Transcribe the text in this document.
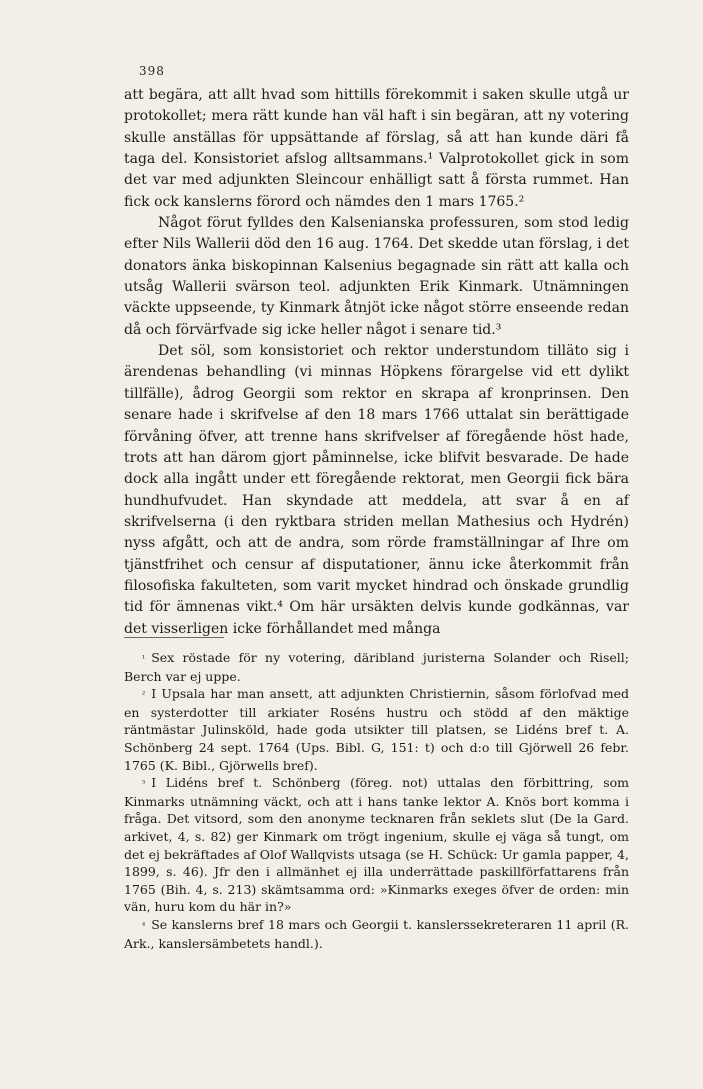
398

att begära, att allt hvad som hittills förekommit i saken skulle utgå ur protokollet; mera rätt kunde han väl haft i sin begäran, att ny votering skulle anställas för uppsättande af förslag, så att han kunde däri få taga del. Konsistoriet afslog alltsammans.¹ Valprotokollet gick in som det var med adjunkten Sleincour enhälligt satt å första rummet. Han fick ock kanslerns förord och nämdes den 1 mars 1765.²

Något förut fylldes den Kalsenianska professuren, som stod ledig efter Nils Wallerii död den 16 aug. 1764. Det skedde utan förslag, i det donators änka biskopinnan Kalsenius begagnade sin rätt att kalla och utsåg Wallerii svärson teol. adjunkten Erik Kinmark. Utnämningen väckte uppseende, ty Kinmark åtnjöt icke något större enseende redan då och förvärfvade sig icke heller något i senare tid.³

Det söl, som konsistoriet och rektor understundom tilläto sig i ärendenas behandling (vi minnas Höpkens förargelse vid ett dylikt tillfälle), ådrog Georgii som rektor en skrapa af kronprinsen. Den senare hade i skrifvelse af den 18 mars 1766 uttalat sin berättigade förvåning öfver, att trenne hans skrifvelser af föregående höst hade, trots att han därom gjort påminnelse, icke blifvit besvarade. De hade dock alla ingått under ett föregående rektorat, men Georgii fick bära hundhufvudet. Han skyndade att meddela, att svar å en af skrifvelserna (i den ryktbara striden mellan Mathesius och Hydrén) nyss afgått, och att de andra, som rörde framställningar af Ihre om tjänstfrihet och censur af disputationer, ännu icke återkommit från filosofiska fakulteten, som varit mycket hindrad och önskade grundlig tid för ämnenas vikt.⁴ Om här ursäkten delvis kunde godkännas, var det visserligen icke förhållandet med många

¹ Sex röstade för ny votering, däribland juristerna Solander och Risell; Berch var ej uppe.

² I Upsala har man ansett, att adjunkten Christiernin, såsom förlofvad med en systerdotter till arkiater Roséns hustru och stödd af den mäktige räntmästar Julinsköld, hade goda utsikter till platsen, se Lidéns bref t. A. Schönberg 24 sept. 1764 (Ups. Bibl. G, 151: t) och d:o till Gjörwell 26 febr. 1765 (K. Bibl., Gjörwells bref).

³ I Lidéns bref t. Schönberg (föreg. not) uttalas den förbittring, som Kinmarks utnämning väckt, och att i hans tanke lektor A. Knös bort komma i fråga. Det vitsord, som den anonyme tecknaren från seklets slut (De la Gard. arkivet, 4, s. 82) ger Kinmark om trögt ingenium, skulle ej väga så tungt, om det ej bekräftades af Olof Wallqvists utsaga (se H. Schück: Ur gamla papper, 4, 1899, s. 46). Jfr den i allmänhet ej illa underrättade paskillförfattarens från 1765 (Bih. 4, s. 213) skämtsamma ord: »Kinmarks exeges öfver de orden: min vän, huru kom du här in?»

⁴ Se kanslerns bref 18 mars och Georgii t. kanslerssekreteraren 11 april (R. Ark., kanslersämbetets handl.).
